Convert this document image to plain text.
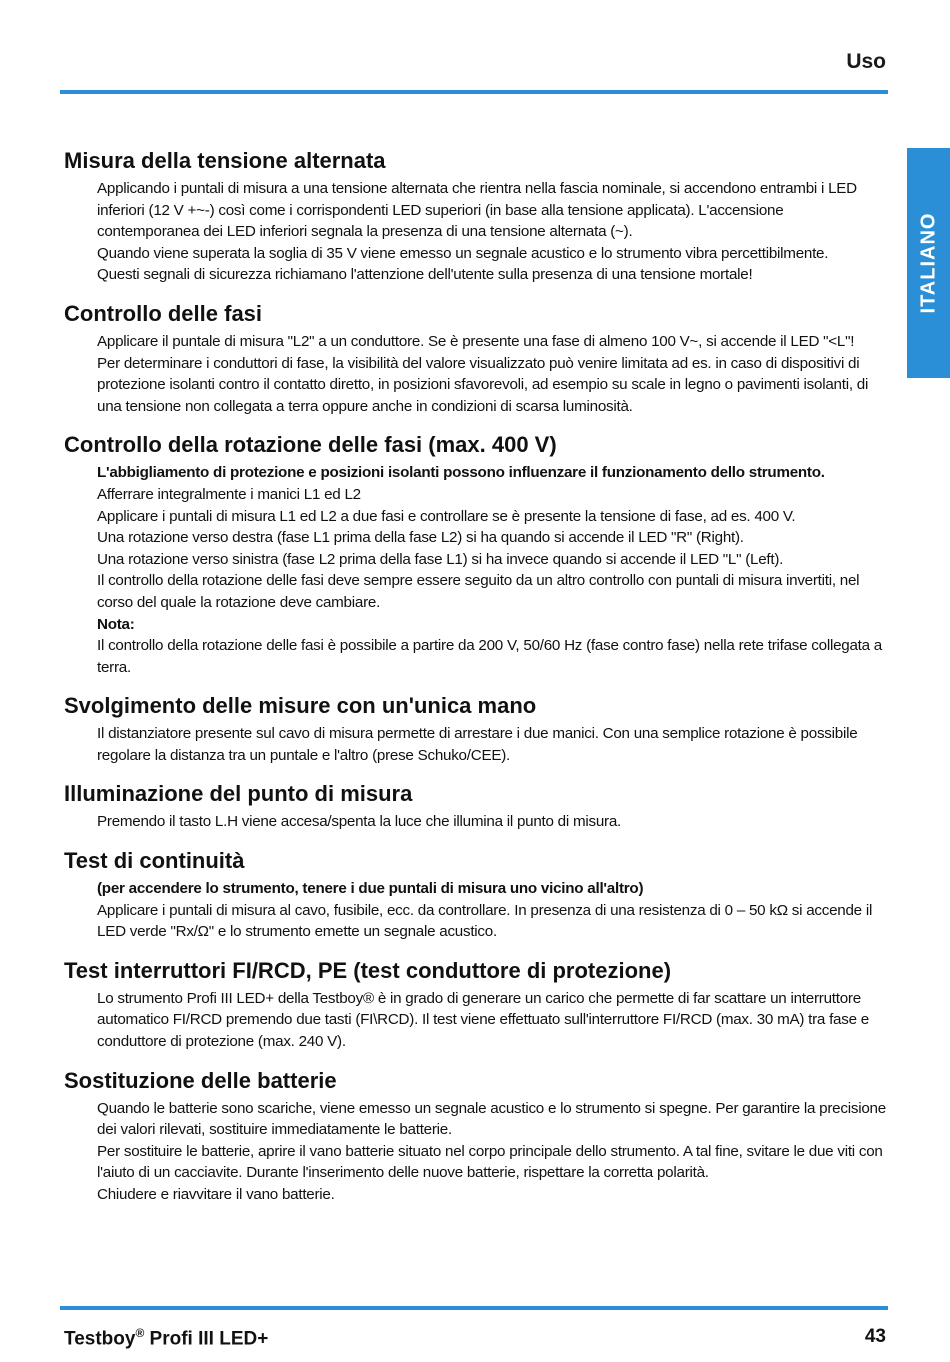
Uso
ITALIANO
Misura della tensione alternata
Applicando i puntali di misura a una tensione alternata che rientra nella fascia nominale, si accendono entrambi i LED inferiori (12 V +~-) così come i corrispondenti LED superiori (in base alla tensione applicata). L'accensione contemporanea dei LED inferiori segnala la presenza di una tensione alternata (~).
Quando viene superata la soglia di 35 V viene emesso un segnale acustico e lo strumento vibra percettibilmente.
Questi segnali di sicurezza richiamano l'attenzione dell'utente sulla presenza di una tensione mortale!
Controllo delle fasi
Applicare il puntale di misura "L2" a un conduttore. Se è presente una fase di almeno 100 V~, si accende il LED "<L"!
Per determinare i conduttori di fase, la visibilità del valore visualizzato può venire limitata ad es. in caso di dispositivi di protezione isolanti contro il contatto diretto, in posizioni sfavorevoli, ad esempio su scale in legno o pavimenti isolanti, di una tensione non collegata a terra oppure anche in condizioni di scarsa luminosità.
Controllo della rotazione delle fasi (max. 400 V)
L'abbigliamento di protezione e posizioni isolanti possono influenzare il funzionamento dello strumento.
Afferrare integralmente i manici L1 ed L2
Applicare i puntali di misura L1 ed L2 a due fasi e controllare se è presente la tensione di fase, ad es. 400 V.
Una rotazione verso destra (fase L1 prima della fase L2) si ha quando si accende il LED "R" (Right).
Una rotazione verso sinistra (fase L2 prima della fase L1) si ha invece quando si accende il LED "L" (Left).
Il controllo della rotazione delle fasi deve sempre essere seguito da un altro controllo con puntali di misura invertiti, nel corso del quale la rotazione deve cambiare.
Nota:
Il controllo della rotazione delle fasi è possibile a partire da 200 V, 50/60 Hz (fase contro fase) nella rete trifase collegata a terra.
Svolgimento delle misure con un'unica mano
Il distanziatore presente sul cavo di misura permette di arrestare i due manici. Con una semplice rotazione è possibile regolare la distanza tra un puntale e l'altro (prese Schuko/CEE).
Illuminazione del punto di misura
Premendo il tasto L.H viene accesa/spenta la luce che illumina il punto di misura.
Test di continuità
(per accendere lo strumento, tenere i due puntali di misura uno vicino all'altro)
Applicare i puntali di misura al cavo, fusibile, ecc. da controllare. In presenza di una resistenza di 0 – 50 kΩ si accende il LED verde "Rx/Ω" e lo strumento emette un segnale acustico.
Test interruttori FI/RCD, PE (test conduttore di protezione)
Lo strumento Profi III LED+ della Testboy® è in grado di generare un carico che permette di far scattare un interruttore automatico FI/RCD premendo due tasti (FI\RCD). Il test viene effettuato sull'interruttore FI/RCD (max. 30 mA) tra fase e conduttore di protezione (max. 240 V).
Sostituzione delle batterie
Quando le batterie sono scariche, viene emesso un segnale acustico e lo strumento si spegne. Per garantire la precisione dei valori rilevati, sostituire immediatamente le batterie.
Per sostituire le batterie, aprire il vano batterie situato nel corpo principale dello strumento. A tal fine, svitare le due viti con l'aiuto di un cacciavite. Durante l'inserimento delle nuove batterie, rispettare la corretta polarità.
Chiudere e riavvitare il vano batterie.
Testboy® Profi III LED+	43
